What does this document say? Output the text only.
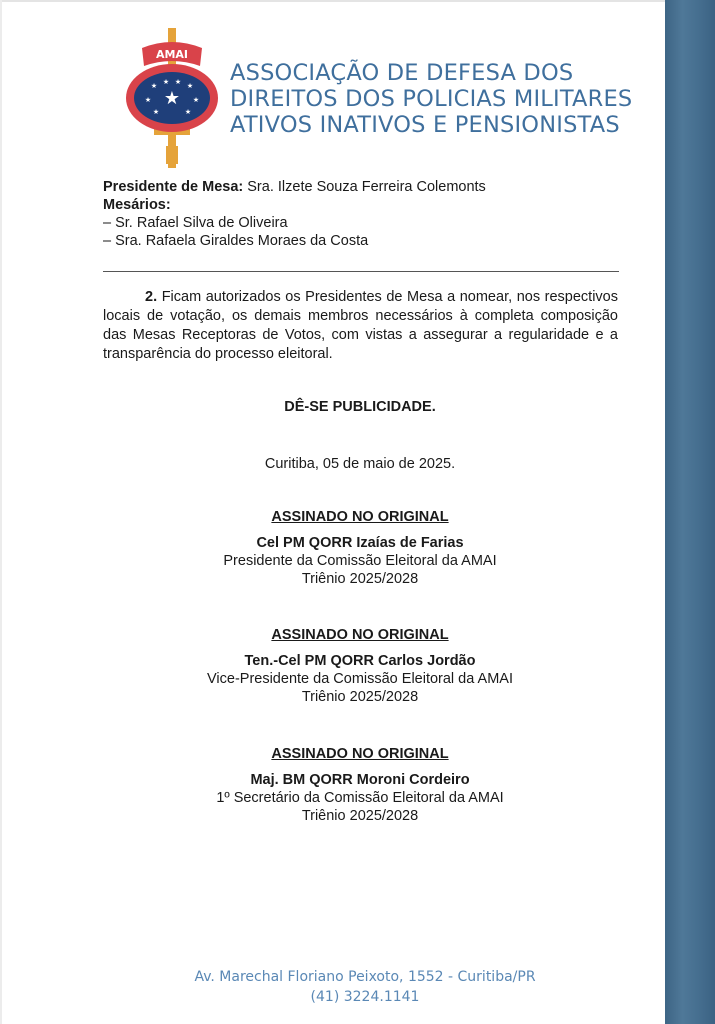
AMAI
★
★ ★ ★ ★
★	★
★	★
ASSOCIAÇÃO DE DEFESA DOS
DIREITOS DOS POLICIAS MILITARES
ATIVOS INATIVOS E PENSIONISTAS
Presidente de Mesa: Sra. Ilzete Souza Ferreira Colemonts
Mesários:
– Sr. Rafael Silva de Oliveira
– Sra. Rafaela Giraldes Moraes da Costa
2. Ficam autorizados os Presidentes de Mesa a nomear, nos respectivos locais de votação, os demais membros necessários à completa composição das Mesas Receptoras de Votos, com vistas a assegurar a regularidade e a transparência do processo eleitoral.
DÊ-SE PUBLICIDADE.
Curitiba, 05 de maio de 2025.
ASSINADO NO ORIGINAL
Cel PM QORR Izaías de Farias
Presidente da Comissão Eleitoral da AMAI
Triênio 2025/2028
ASSINADO NO ORIGINAL
Ten.-Cel PM QORR Carlos Jordão
Vice-Presidente da Comissão Eleitoral da AMAI
Triênio 2025/2028
ASSINADO NO ORIGINAL
Maj. BM QORR Moroni Cordeiro
1º Secretário da Comissão Eleitoral da AMAI
Triênio 2025/2028
Av. Marechal Floriano Peixoto, 1552 - Curitiba/PR
(41) 3224.1141
